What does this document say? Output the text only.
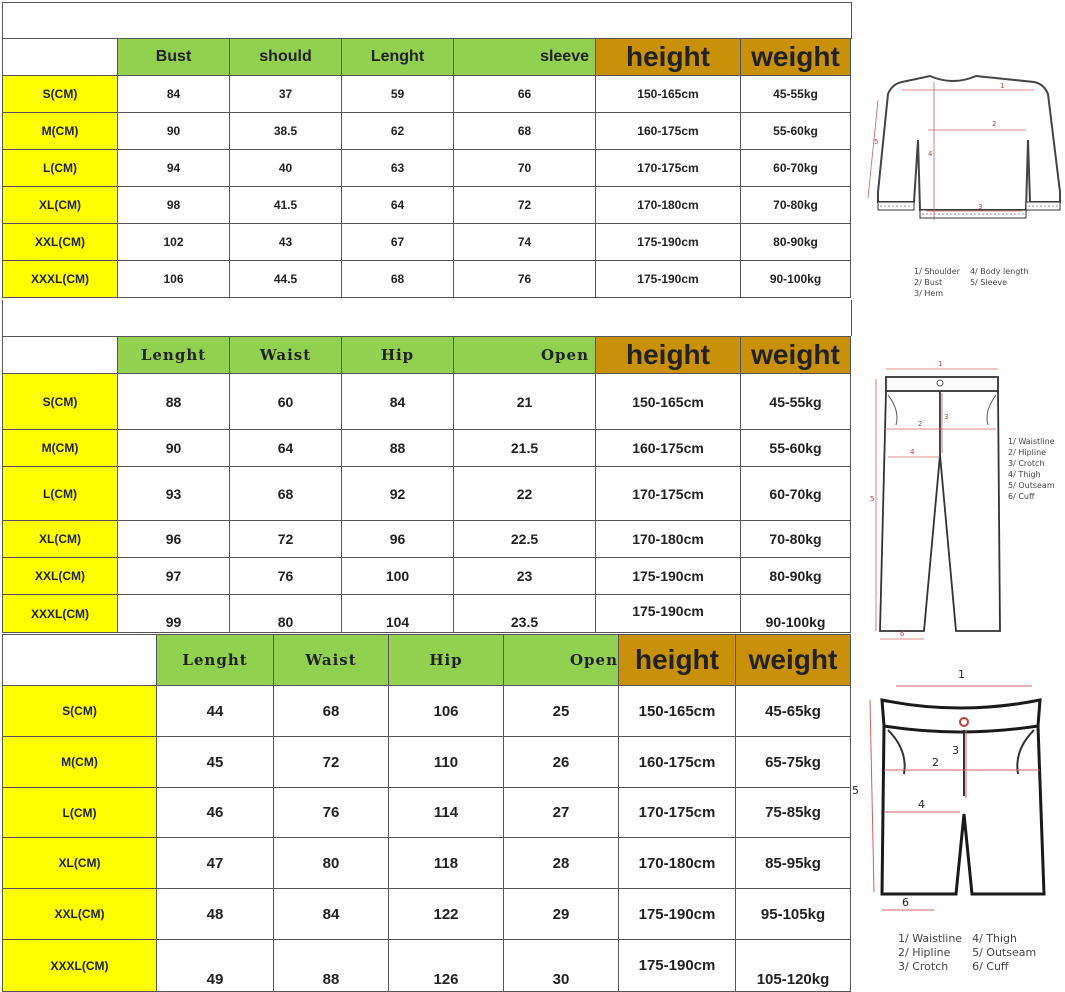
	Bust	should	Lenght	sleeve	height	weight
S(CM)	84	37	59	66	150-165cm	45-55kg
M(CM)	90	38.5	62	68	160-175cm	55-60kg
L(CM)	94	40	63	70	170-175cm	60-70kg
XL(CM)	98	41.5	64	72	170-180cm	70-80kg
XXL(CM)	102	43	67	74	175-190cm	80-90kg
XXXL(CM)	106	44.5	68	76	175-190cm	90-100kg
	Lenght	Waist	Hip	Open	height	weight
S(CM)	88	60	84	21	150-165cm	45-55kg
M(CM)	90	64	88	21.5	160-175cm	55-60kg
L(CM)	93	68	92	22	170-175cm	60-70kg
XL(CM)	96	72	96	22.5	170-180cm	70-80kg
XXL(CM)	97	76	100	23	175-190cm	80-90kg
XXXL(CM)	99	80	104	23.5	175-190cm	90-100kg
	Lenght	Waist	Hip	Open	height	weight
S(CM)	44	68	106	25	150-165cm	45-65kg
M(CM)	45	72	110	26	160-175cm	65-75kg
L(CM)	46	76	114	27	170-175cm	75-85kg
XL(CM)	47	80	118	28	170-180cm	85-95kg
XXL(CM)	48	84	122	29	175-190cm	95-105kg
XXXL(CM)	49	88	126	30	175-190cm	105-120kg
1
2
3
4
5
1/ Shoulder
2/ Bust
3/ Hem
4/ Body length
5/ Sleeve
1
2
3
4
5
6
1/ Waistline
2/ Hipline
3/ Crotch
4/ Thigh
5/ Outseam
6/ Cuff
1
2
3
4
5
6
1/ Waistline
2/ Hipline
3/ Crotch
4/ Thigh
5/ Outseam
6/ Cuff
